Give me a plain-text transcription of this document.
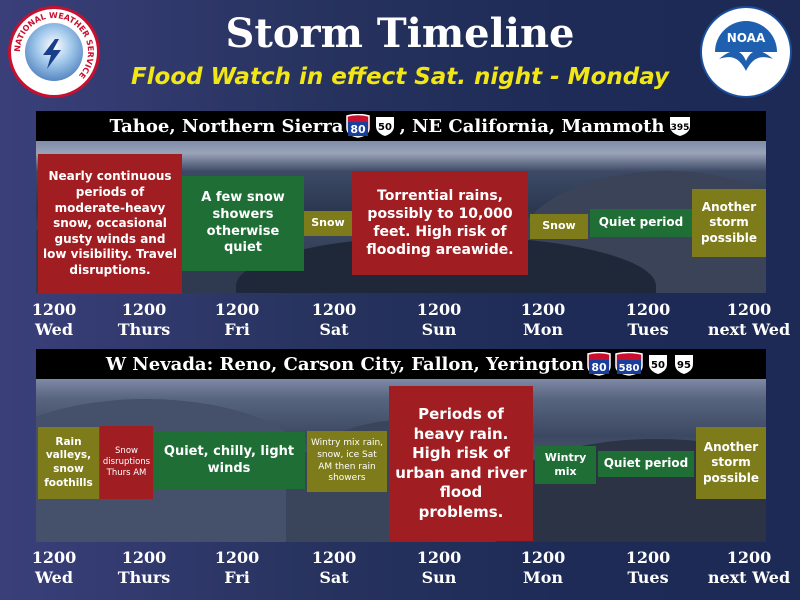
NATIONAL WEATHER SERVICE
NOAA
Storm Timeline
Flood Watch in effect Sat. night - Monday
Tahoe, Northern Sierra 80 50 , NE California, Mammoth 395
Nearly continuous periods of moderate-heavy snow, occasional gusty winds and low visibility. Travel disruptions.
A few snow showers otherwise quiet
Snow
Torrential rains, possibly to 10,000 feet. High risk of flooding areawide.
Snow	Quiet period
Another storm possible
1200
Wed
1200
Thurs
1200
Fri
1200
Sat
1200
Sun
1200
Mon
1200
Tues
1200
next Wed
W Nevada: Reno, Carson City, Fallon, Yerington 80 580 50 95
Rain valleys, snow foothills
Snow disruptions Thurs AM
Quiet, chilly, light winds
Wintry mix rain, snow, ice Sat AM then rain showers
Periods of heavy rain. High risk of urban and river flood problems.
Wintry mix
Quiet period
Another storm possible
1200
Wed
1200
Thurs
1200
Fri
1200
Sat
1200
Sun
1200
Mon
1200
Tues
1200
next Wed
